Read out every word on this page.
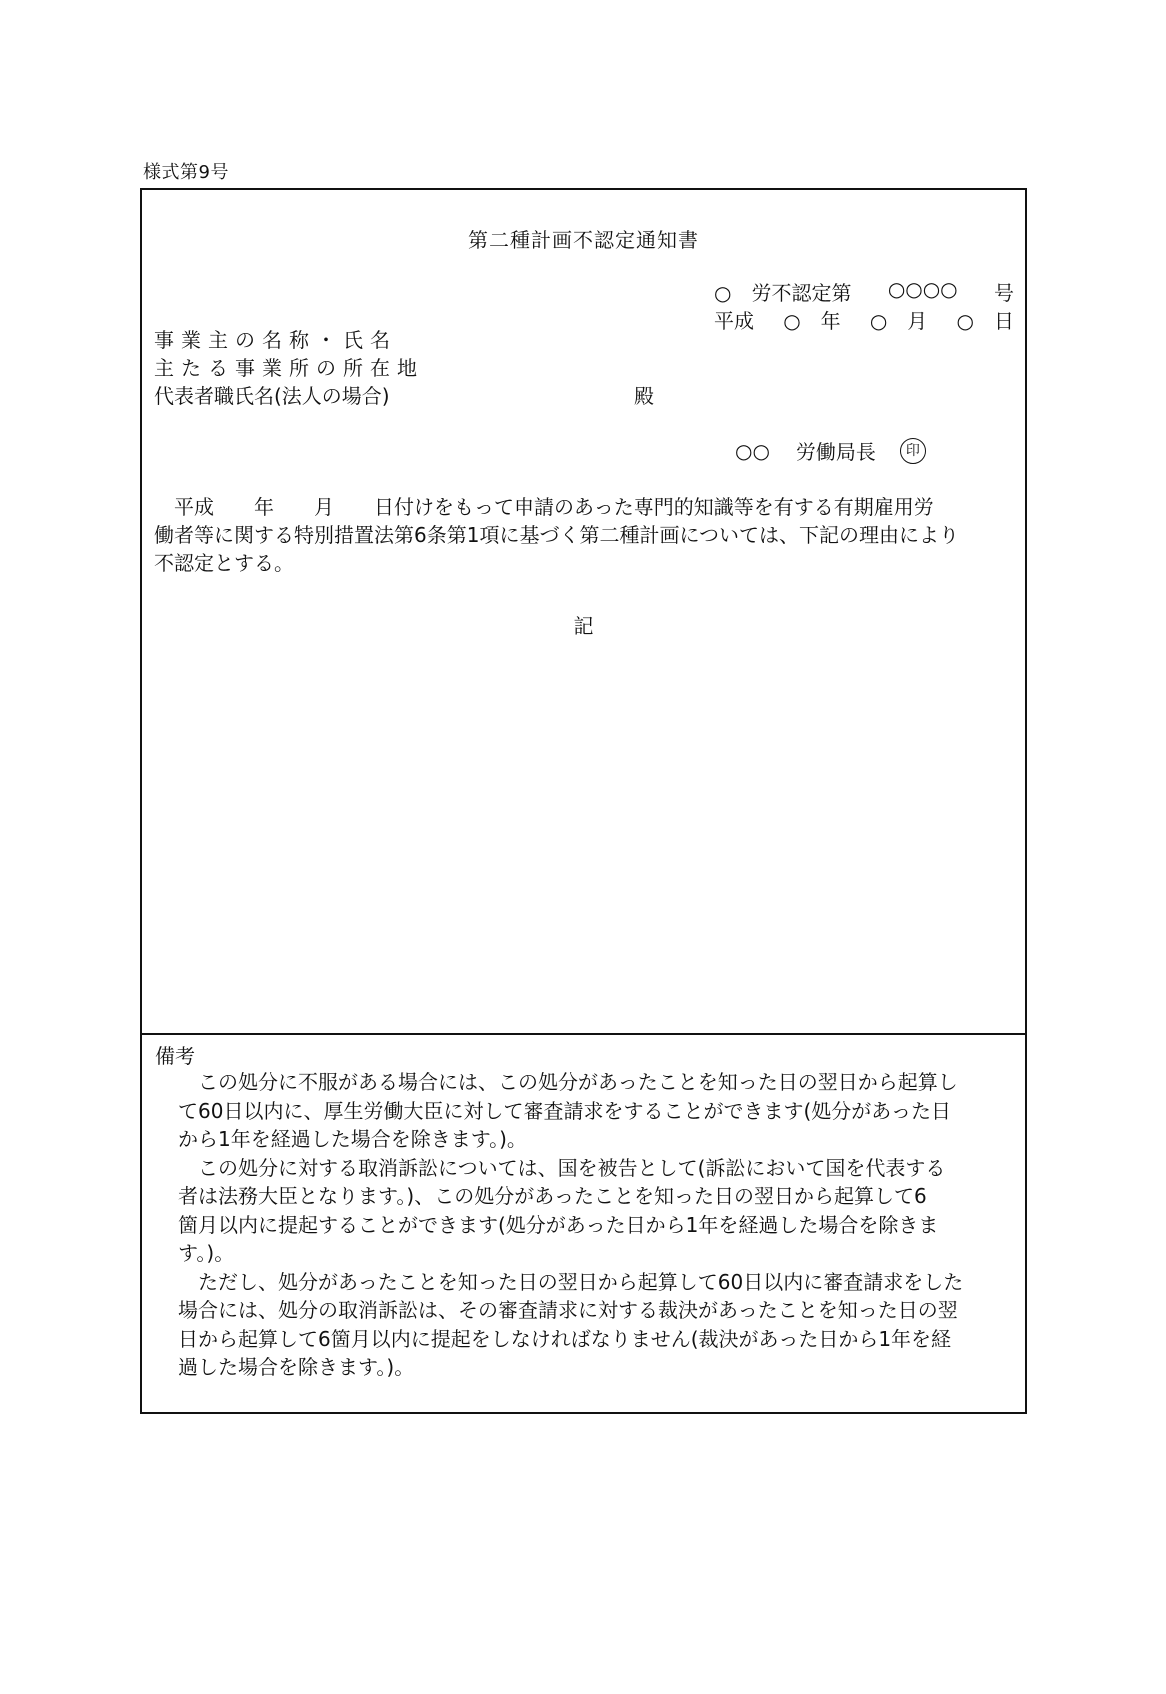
様式第9号
第二種計画不認定通知書
○　労不認定第 ○○○○ 号
平成 ○　年 ○　月 ○　日
事業主の名称・氏名
主たる事業所の所在地
代表者職氏名(法人の場合)	殿
○○ 労働局長	印
　平成　　年　　月　　日付けをもって申請のあった専門的知識等を有する有期雇用労
働者等に関する特別措置法第6条第1項に基づく第二種計画については、下記の理由により
不認定とする。
記
備考
　この処分に不服がある場合には、この処分があったことを知った日の翌日から起算し
て60日以内に、厚生労働大臣に対して審査請求をすることができます(処分があった日
から1年を経過した場合を除きます。)。
　この処分に対する取消訴訟については、国を被告として(訴訟において国を代表する
者は法務大臣となります。)、この処分があったことを知った日の翌日から起算して6
箇月以内に提起することができます(処分があった日から1年を経過した場合を除きま
す。)。
　ただし、処分があったことを知った日の翌日から起算して60日以内に審査請求をした
場合には、処分の取消訴訟は、その審査請求に対する裁決があったことを知った日の翌
日から起算して6箇月以内に提起をしなければなりません(裁決があった日から1年を経
過した場合を除きます。)。
